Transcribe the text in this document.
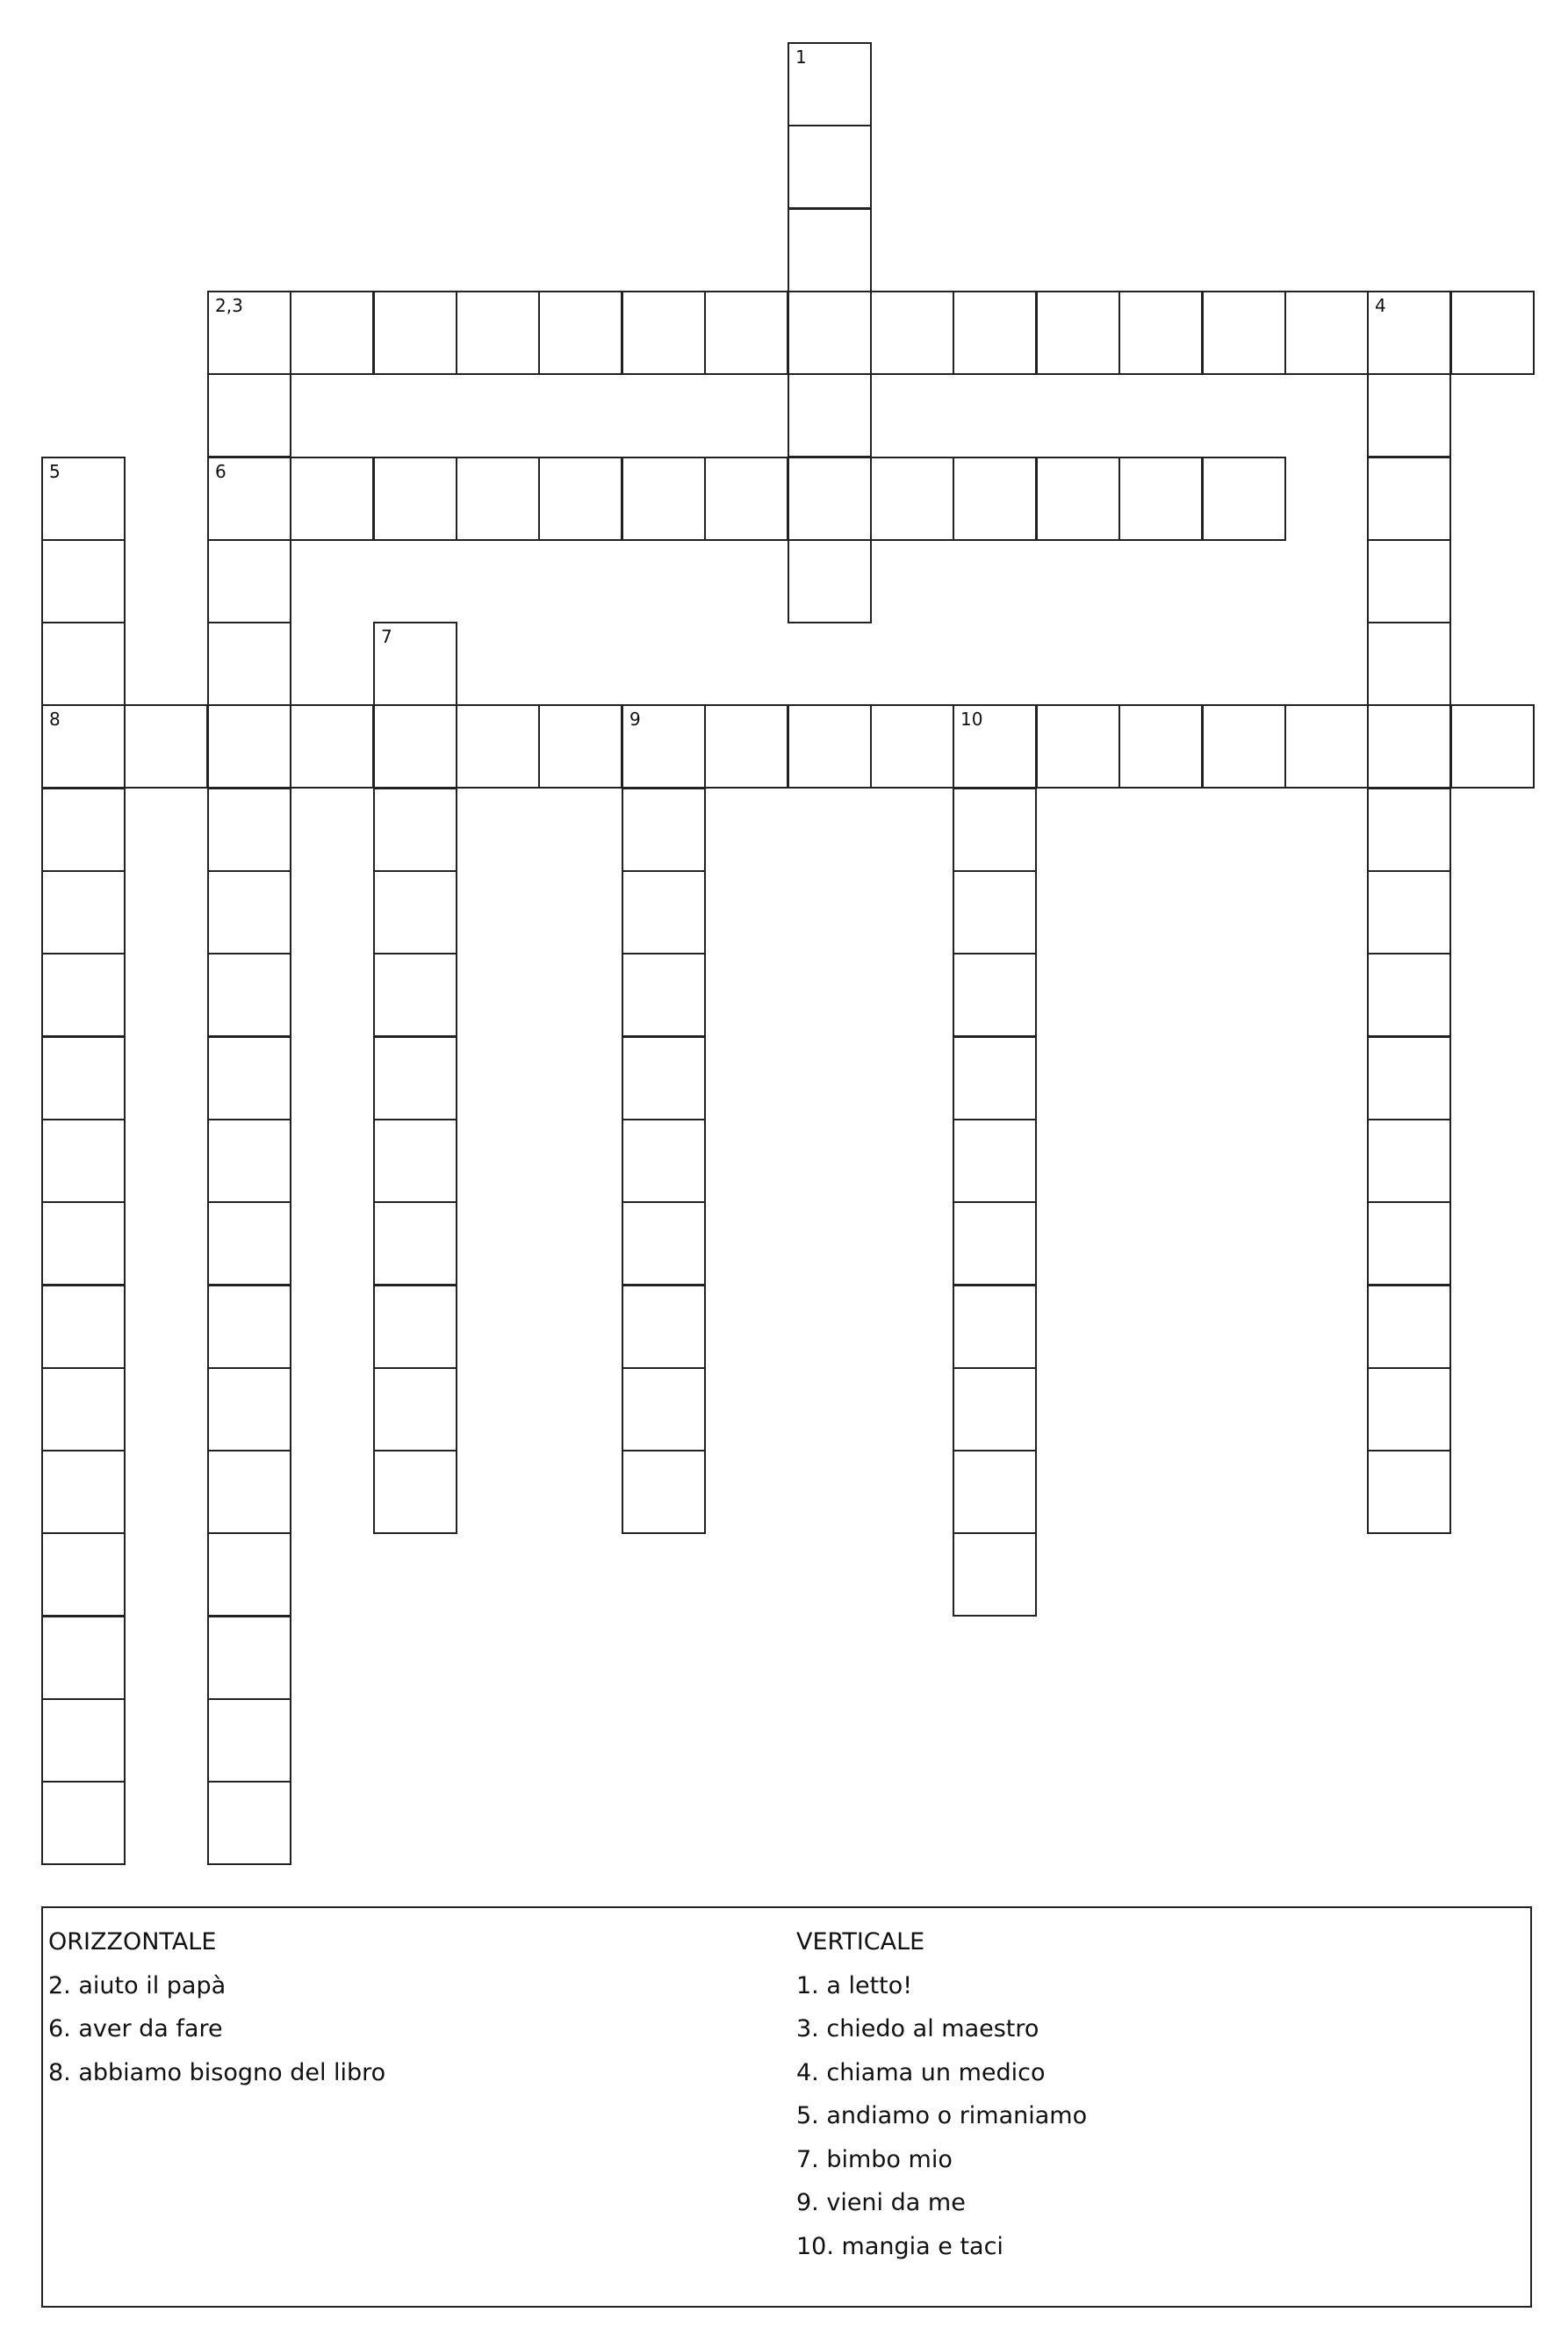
1
2,3	4
6
5
8
7
9	10
ORIZZONTALE
2. aiuto il papà
6. aver da fare
8. abbiamo bisogno del libro
VERTICALE
1. a letto!
3. chiedo al maestro
4. chiama un medico
5. andiamo o rimaniamo
7. bimbo mio
9. vieni da me
10. mangia e taci
